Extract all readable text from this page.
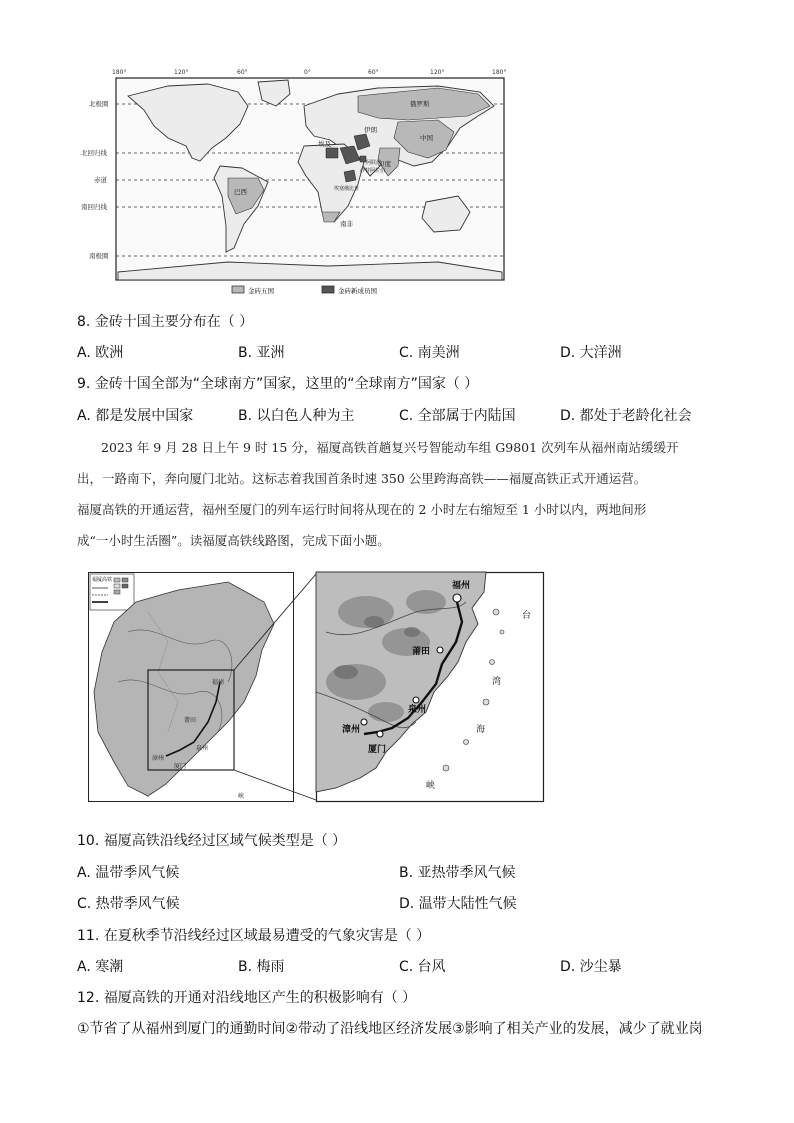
180°	120°	60°	0°	60°	120°	180°
北极圈
北回归线
赤道
南回归线
南极圈
俄罗斯
中国
印度
巴西
南非
埃及
伊朗
沙特阿拉伯
阿联酋
埃塞俄比亚
金砖五国	金砖新成员国
8. 金砖十国主要分布在（ ）
A. 欧洲	B. 亚洲	C. 南美洲	D. 大洋洲
9. 金砖十国全部为“全球南方”国家，这里的“全球南方”国家（ ）
A. 都是发展中国家	B. 以白色人种为主	C. 全部属于内陆国	D. 都处于老龄化社会

2023 年 9 月 28 日上午 9 时 15 分，福厦高铁首趟复兴号智能动车组 G9801 次列车从福州南站缓缓开

出，一路南下，奔向厦门北站。这标志着我国首条时速 350 公里跨海高铁——福厦高铁正式开通运营。

福厦高铁的开通运营，福州至厦门的列车运行时间将从现在的 2 小时左右缩短至 1 小时以内，两地间形

成“一小时生活圈”。读福厦高铁线路图，完成下面小题。

福厦高铁
福州
泉州
漳州
厦门
莆田
峡
福州
莆田
泉州
漳州
厦门
台
湾
海
峡
10. 福厦高铁沿线经过区域气候类型是（ ）
A. 温带季风气候	B. 亚热带季风气候
C. 热带季风气候	D. 温带大陆性气候
11. 在夏秋季节沿线经过区域最易遭受的气象灾害是（ ）
A. 寒潮	B. 梅雨	C. 台风	D. 沙尘暴
12. 福厦高铁的开通对沿线地区产生的积极影响有（ ）
①节省了从福州到厦门的通勤时间②带动了沿线地区经济发展③影响了相关产业的发展，减少了就业岗
